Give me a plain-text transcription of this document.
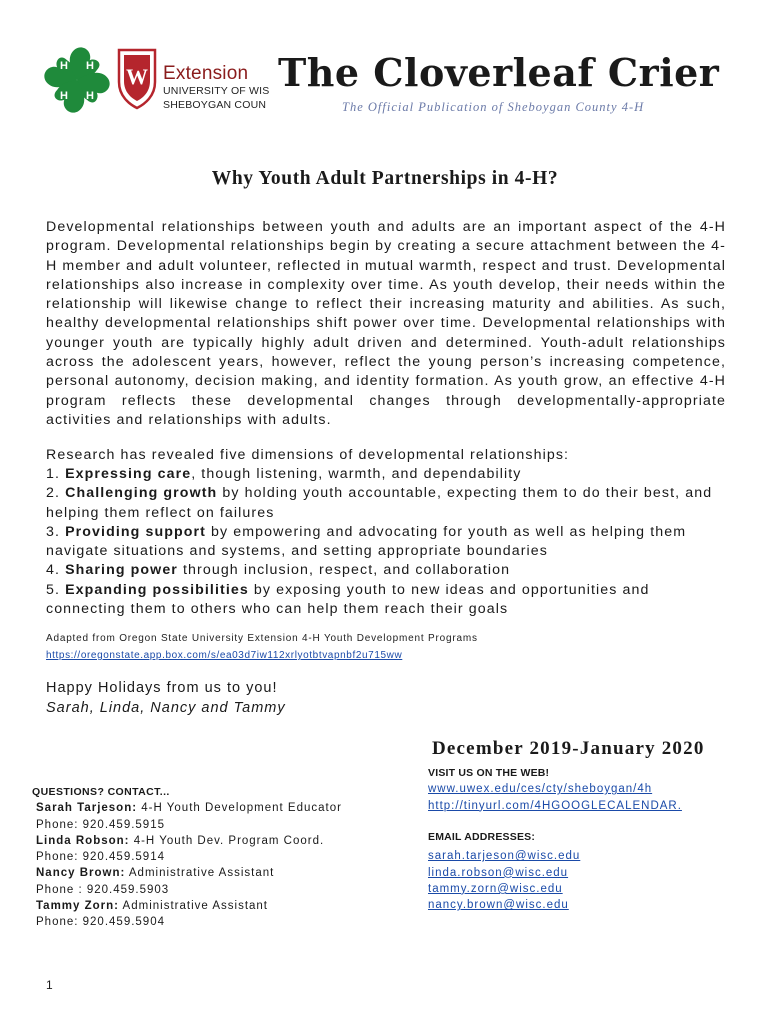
H H
H H
W Extension
UNIVERSITY OF WIS
SHEBOYGAN COUN
The Cloverleaf Crier
The Official Publication of Sheboygan County 4-H
Why Youth Adult Partnerships in 4-H?
Developmental relationships between youth and adults are an important aspect of the 4-H program. Developmental relationships begin by creating a secure attachment between the 4-H member and adult volunteer, reflected in mutual warmth, respect and trust. Developmental relationships also increase in complexity over time. As youth develop, their needs within the relationship will likewise change to reflect their increasing maturity and abilities. As such, healthy developmental relationships shift power over time. Developmental relationships with younger youth are typically highly adult driven and determined. Youth-adult relationships across the adolescent years, however, reflect the young person’s increasing competence, personal autonomy, decision making, and identity formation. As youth grow, an effective 4-H program reflects these developmental changes through developmentally-appropriate activities and relationships with adults.
Research has revealed five dimensions of developmental relationships:
1. Expressing care, though listening, warmth, and dependability
2. Challenging growth by holding youth accountable, expecting them to do their best, and helping them reflect on failures
3. Providing support by empowering and advocating for youth as well as helping them navigate situations and systems, and setting appropriate boundaries
4. Sharing power through inclusion, respect, and collaboration
5. Expanding possibilities by exposing youth to new ideas and opportunities and connecting them to others who can help them reach their goals
Adapted from Oregon State University Extension 4-H Youth Development Programs
https://oregonstate.app.box.com/s/ea03d7iw112xrlyotbtvapnbf2u715ww
Happy Holidays from us to you!
Sarah, Linda, Nancy and Tammy
December 2019-January 2020
QUESTIONS? CONTACT...
Sarah Tarjeson: 4-H Youth Development Educator
Phone: 920.459.5915
Linda Robson: 4-H Youth Dev. Program Coord.
Phone: 920.459.5914
Nancy Brown: Administrative Assistant
Phone : 920.459.5903
Tammy Zorn: Administrative Assistant
Phone: 920.459.5904
VISIT US ON THE WEB!
www.uwex.edu/ces/cty/sheboygan/4h
http://tinyurl.com/4HGOOGLECALENDAR.
EMAIL ADDRESSES:
sarah.tarjeson@wisc.edu
linda.robson@wisc.edu
tammy.zorn@wisc.edu
nancy.brown@wisc.edu
1
